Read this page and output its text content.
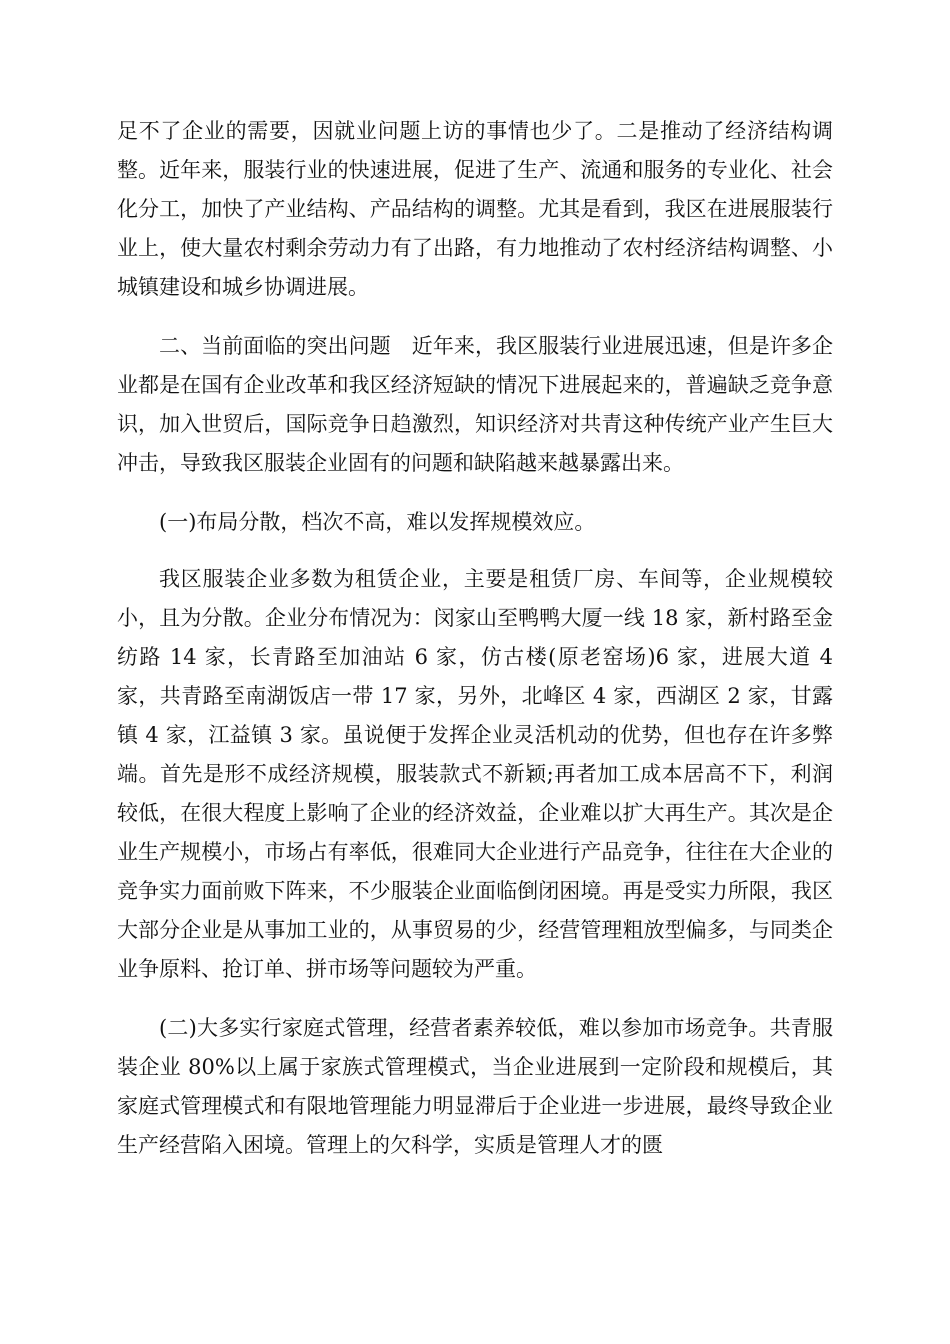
足不了企业的需要，因就业问题上访的事情也少了。二是推动了经济结构调整。近年来，服装行业的快速进展，促进了生产、流通和服务的专业化、社会化分工，加快了产业结构、产品结构的调整。尤其是看到，我区在进展服装行业上，使大量农村剩余劳动力有了出路，有力地推动了农村经济结构调整、小城镇建设和城乡协调进展。

二、当前面临的突出问题　近年来，我区服装行业进展迅速，但是许多企业都是在国有企业改革和我区经济短缺的情况下进展起来的，普遍缺乏竞争意识，加入世贸后，国际竞争日趋激烈，知识经济对共青这种传统产业产生巨大冲击，导致我区服装企业固有的问题和缺陷越来越暴露出来。

(一)布局分散，档次不高，难以发挥规模效应。

我区服装企业多数为租赁企业，主要是租赁厂房、车间等，企业规模较小，且为分散。企业分布情况为：闵家山至鸭鸭大厦一线 18 家，新村路至金纺路 14 家，长青路至加油站 6 家，仿古楼(原老窑场)6 家，进展大道 4 家，共青路至南湖饭店一带 17 家，另外，北峰区 4 家，西湖区 2 家，甘露镇 4 家，江益镇 3 家。虽说便于发挥企业灵活机动的优势，但也存在许多弊端。首先是形不成经济规模，服装款式不新颖;再者加工成本居高不下，利润较低，在很大程度上影响了企业的经济效益，企业难以扩大再生产。其次是企业生产规模小，市场占有率低，很难同大企业进行产品竞争，往往在大企业的竞争实力面前败下阵来，不少服装企业面临倒闭困境。再是受实力所限，我区大部分企业是从事加工业的，从事贸易的少，经营管理粗放型偏多，与同类企业争原料、抢订单、拼市场等问题较为严重。

(二)大多实行家庭式管理，经营者素养较低，难以参加市场竞争。共青服装企业 80%以上属于家族式管理模式，当企业进展到一定阶段和规模后，其家庭式管理模式和有限地管理能力明显滞后于企业进一步进展，最终导致企业生产经营陷入困境。管理上的欠科学，实质是管理人才的匮
